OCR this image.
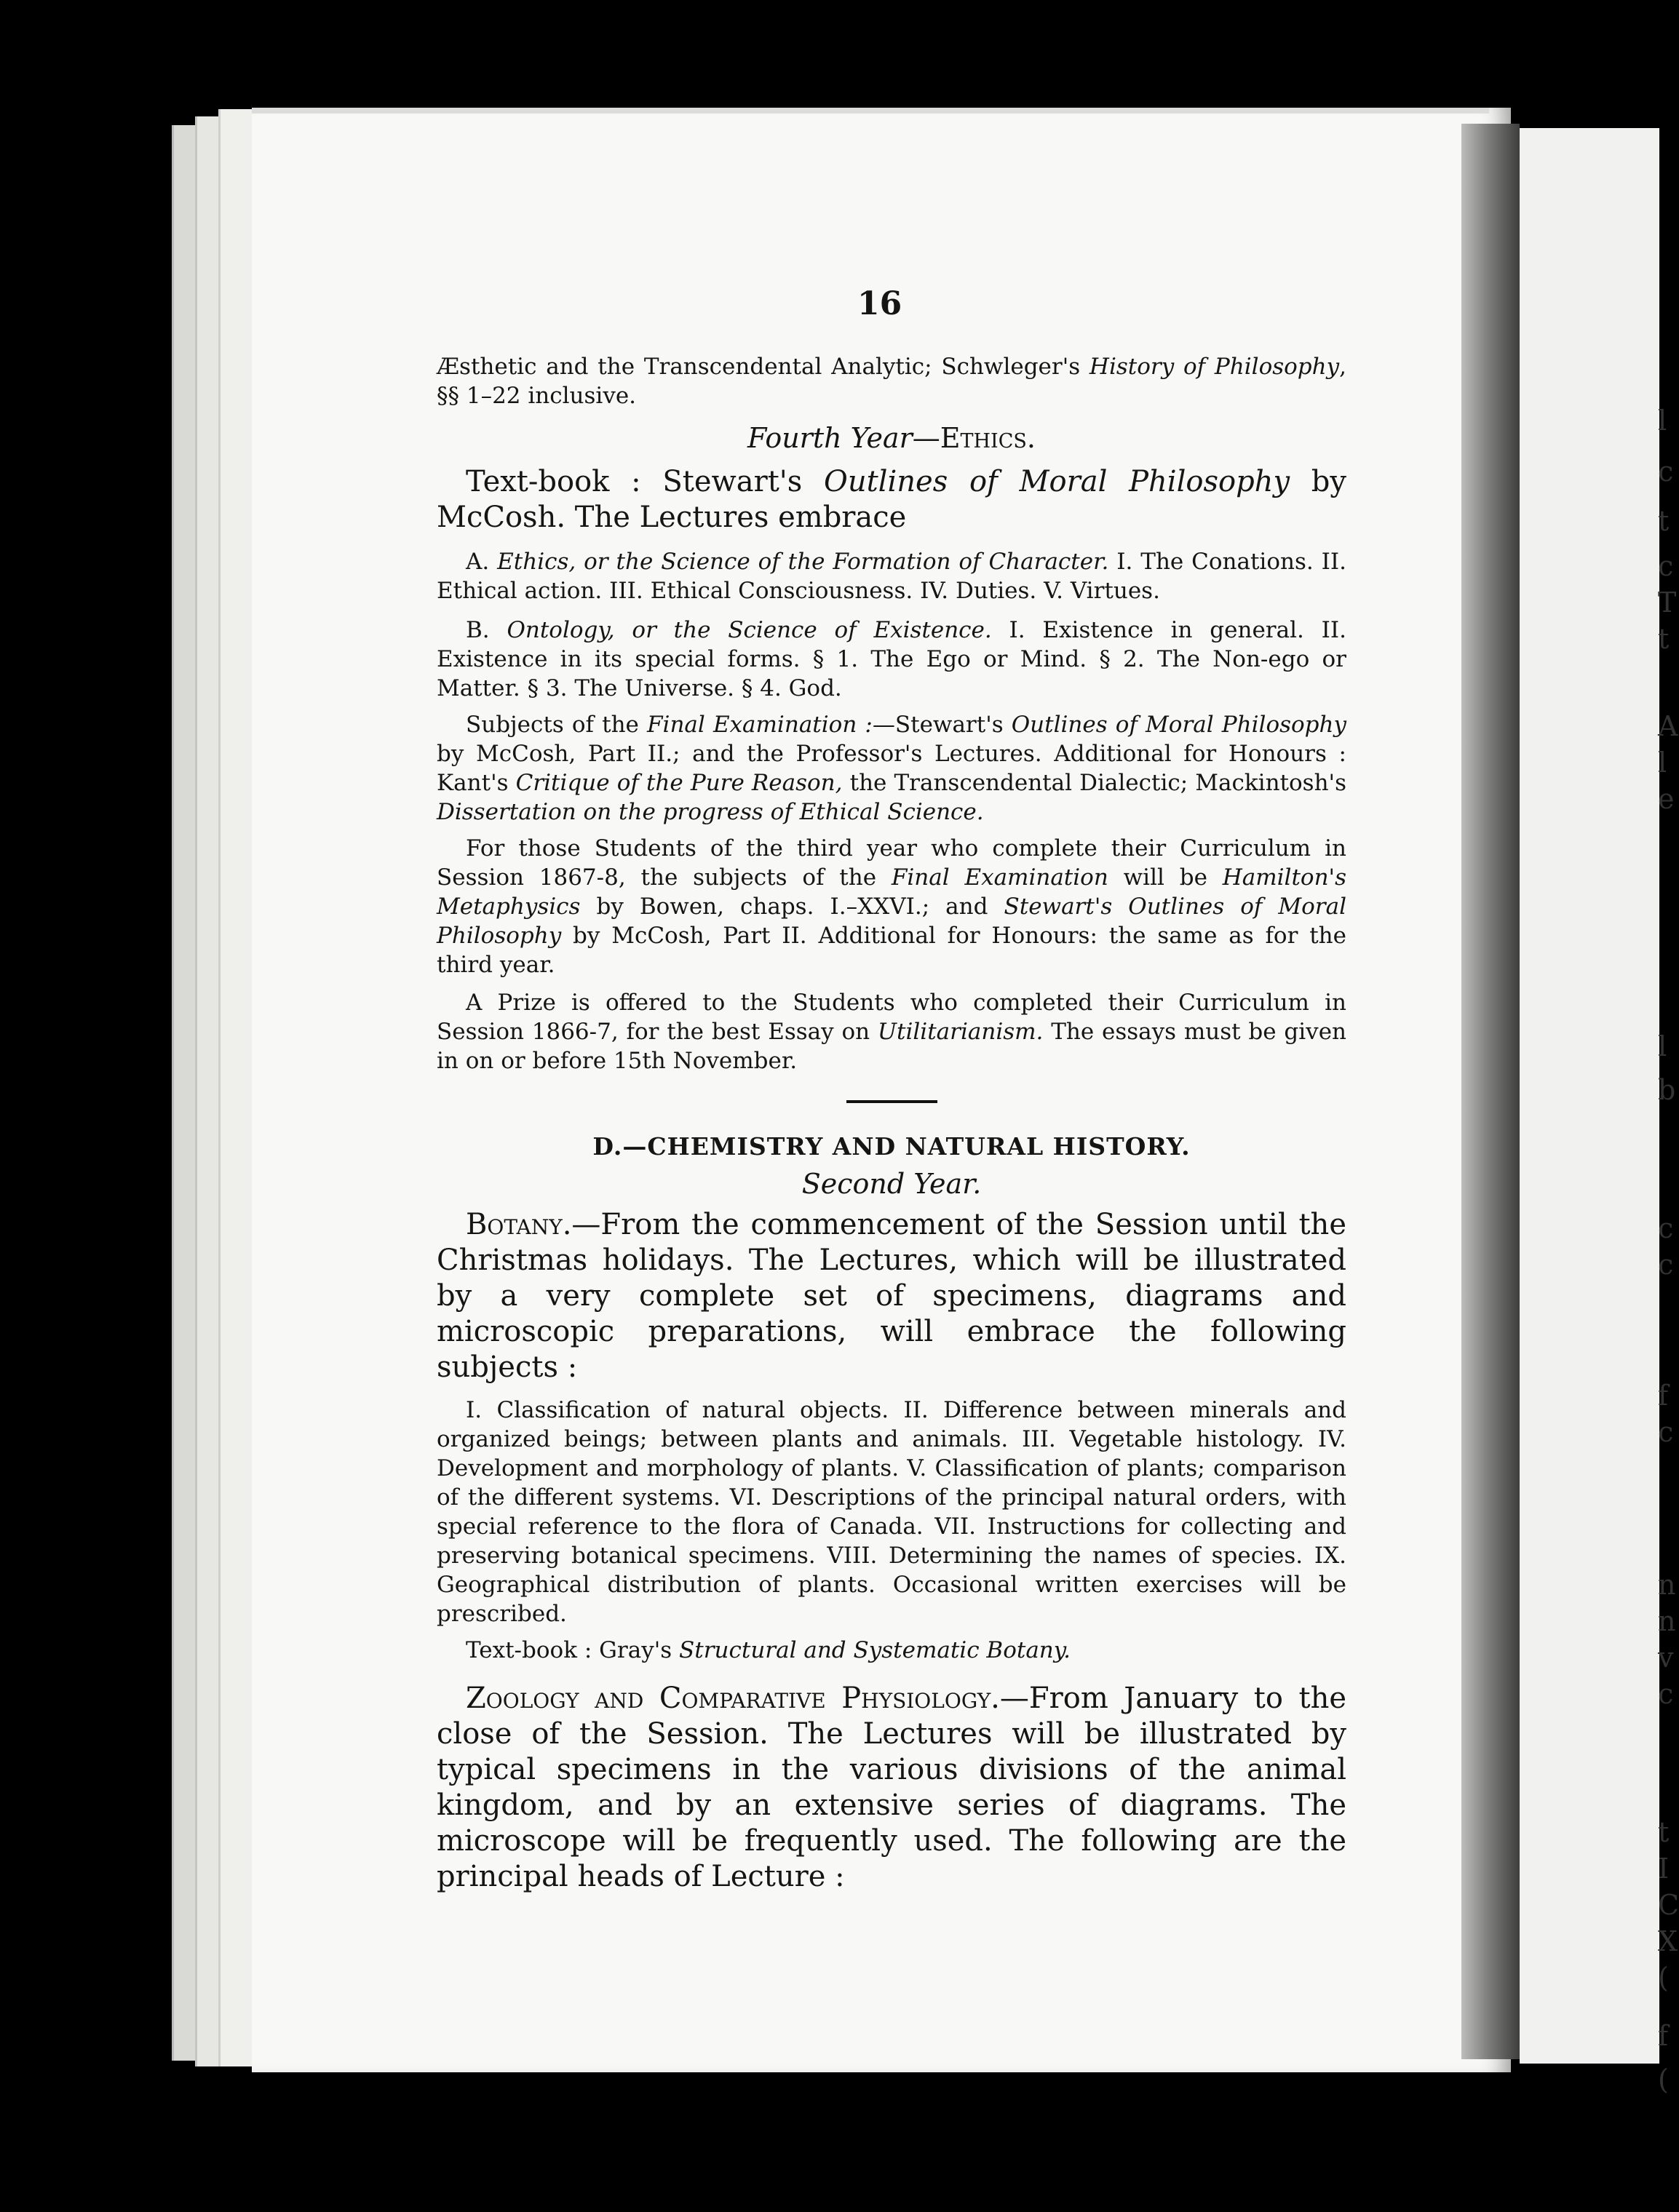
l
c
t
c
T
t
A
l
e
l
b
c
c
f
c
n
n
v
c
t
I
C
X
(
f
(
16

Æsthetic and the Transcendental Analytic; Schwleger's History of Philosophy, §§ 1–22 inclusive.

Fourth Year—Ethics.

Text-book : Stewart's Outlines of Moral Philosophy by McCosh. The Lectures embrace

A. Ethics, or the Science of the Formation of Character. I. The Conations. II. Ethical action. III. Ethical Consciousness. IV. Duties. V. Virtues.

B. Ontology, or the Science of Existence. I. Existence in general. II. Existence in its special forms. § 1. The Ego or Mind. § 2. The Non-ego or Matter. § 3. The Universe. § 4. God.

Subjects of the Final Examination :—Stewart's Outlines of Moral Philosophy by McCosh, Part II.; and the Professor's Lectures. Additional for Honours : Kant's Critique of the Pure Reason, the Transcendental Dialectic; Mackintosh's Dissertation on the progress of Ethical Science.

For those Students of the third year who complete their Curriculum in Session 1867-8, the subjects of the Final Examination will be Hamilton's Metaphysics by Bowen, chaps. I.–XXVI.; and Stewart's Outlines of Moral Philosophy by McCosh, Part II. Additional for Honours: the same as for the third year.

A Prize is offered to the Students who completed their Curriculum in Session 1866-7, for the best Essay on Utilitarianism. The essays must be given in on or before 15th November.

D.—CHEMISTRY AND NATURAL HISTORY.

Second Year.

Botany.—From the commencement of the Session until the Christmas holidays. The Lectures, which will be illustrated by a very complete set of specimens, diagrams and microscopic preparations, will embrace the following subjects :

I. Classification of natural objects. II. Difference between minerals and organized beings; between plants and animals. III. Vegetable histology. IV. Development and morphology of plants. V. Classification of plants; comparison of the different systems. VI. Descriptions of the principal natural orders, with special reference to the flora of Canada. VII. Instructions for collecting and preserving botanical specimens. VIII. Determining the names of species. IX. Geographical distribution of plants. Occasional written exercises will be prescribed.

Text-book : Gray's Structural and Systematic Botany.

Zoology and Comparative Physiology.—From January to the close of the Session. The Lectures will be illustrated by typical specimens in the various divisions of the animal kingdom, and by an extensive series of diagrams. The microscope will be frequently used. The following are the principal heads of Lecture :
